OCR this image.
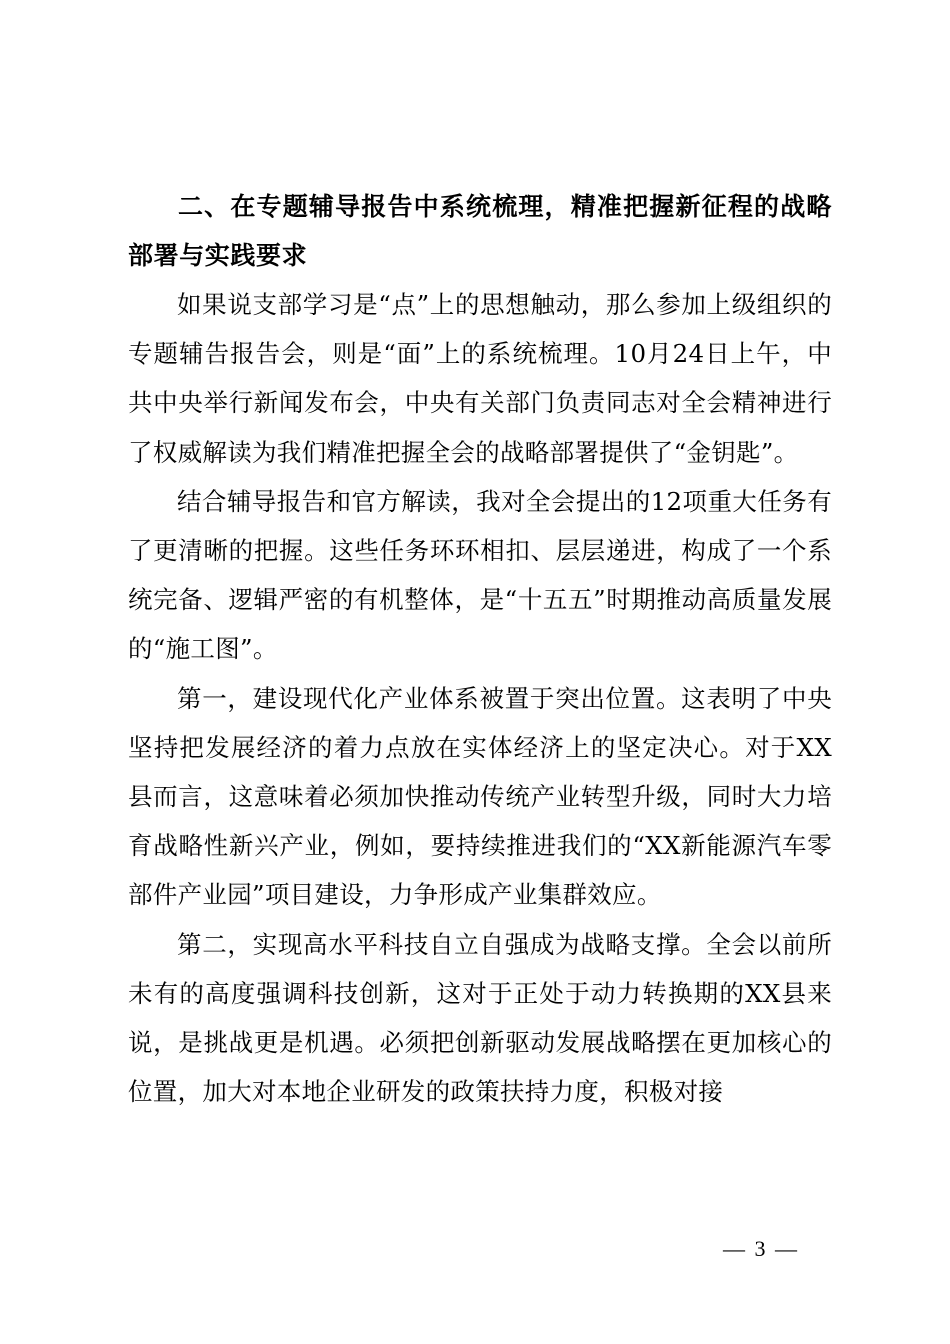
二、在专题辅导报告中系统梳理，精准把握新征程的战略部署与实践要求

如果说支部学习是“点”上的思想触动，那么参加上级组织的专题辅告报告会，则是“面”上的系统梳理。10月24日上午，中共中央举行新闻发布会，中央有关部门负责同志对全会精神进行了权威解读为我们精准把握全会的战略部署提供了“金钥匙”。

结合辅导报告和官方解读，我对全会提出的12项重大任务有了更清晰的把握。这些任务环环相扣、层层递进，构成了一个系统完备、逻辑严密的有机整体，是“十五五”时期推动高质量发展的“施工图”。

第一，建设现代化产业体系被置于突出位置。这表明了中央坚持把发展经济的着力点放在实体经济上的坚定决心。对于XX县而言，这意味着必须加快推动传统产业转型升级，同时大力培育战略性新兴产业，例如，要持续推进我们的“XX新能源汽车零部件产业园”项目建设，力争形成产业集群效应。

第二，实现高水平科技自立自强成为战略支撑。全会以前所未有的高度强调科技创新，这对于正处于动力转换期的XX县来说，是挑战更是机遇。必须把创新驱动发展战略摆在更加核心的位置，加大对本地企业研发的政策扶持力度，积极对接

— 3 —
